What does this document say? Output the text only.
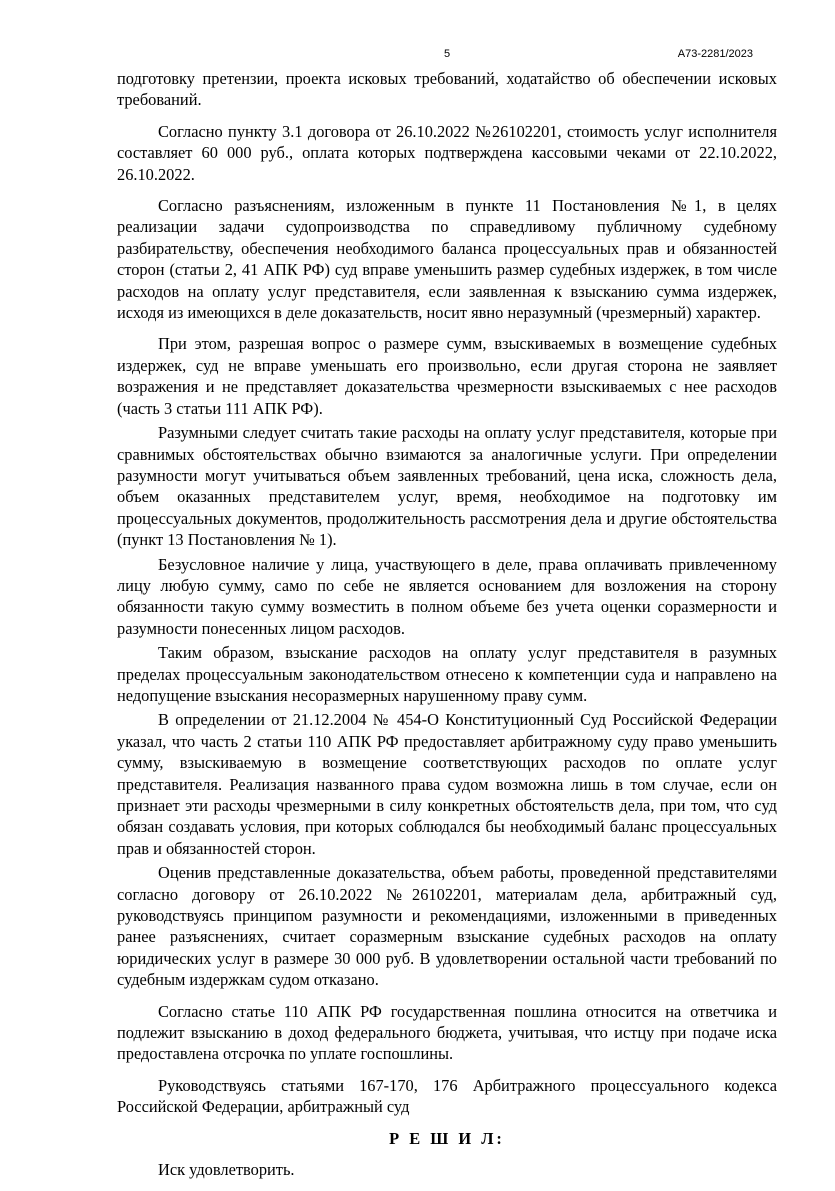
5	А73-2281/2023

подготовку претензии, проекта исковых требований, ходатайство об обеспечении исковых требований.

Согласно пункту 3.1 договора от 26.10.2022 №26102201, стоимость услуг исполнителя составляет 60 000 руб., оплата которых подтверждена кассовыми чеками от 22.10.2022, 26.10.2022.

Согласно разъяснениям, изложенным в пункте 11 Постановления №1, в целях реализации задачи судопроизводства по справедливому публичному судебному разбирательству, обеспечения необходимого баланса процессуальных прав и обязанностей сторон (статьи 2, 41 АПК РФ) суд вправе уменьшить размер судебных издержек, в том числе расходов на оплату услуг представителя, если заявленная к взысканию сумма издержек, исходя из имеющихся в деле доказательств, носит явно неразумный (чрезмерный) характер.

При этом, разрешая вопрос о размере сумм, взыскиваемых в возмещение судебных издержек, суд не вправе уменьшать его произвольно, если другая сторона не заявляет возражения и не представляет доказательства чрезмерности взыскиваемых с нее расходов (часть 3 статьи 111 АПК РФ).

Разумными следует считать такие расходы на оплату услуг представителя, которые при сравнимых обстоятельствах обычно взимаются за аналогичные услуги. При определении разумности могут учитываться объем заявленных требований, цена иска, сложность дела, объем оказанных представителем услуг, время, необходимое на подготовку им процессуальных документов, продолжительность рассмотрения дела и другие обстоятельства (пункт 13 Постановления № 1).

Безусловное наличие у лица, участвующего в деле, права оплачивать привлеченному лицу любую сумму, само по себе не является основанием для возложения на сторону обязанности такую сумму возместить в полном объеме без учета оценки соразмерности и разумности понесенных лицом расходов.

Таким образом, взыскание расходов на оплату услуг представителя в разумных пределах процессуальным законодательством отнесено к компетенции суда и направлено на недопущение взыскания несоразмерных нарушенному праву сумм.

В определении от 21.12.2004 № 454-О Конституционный Суд Российской Федерации указал, что часть 2 статьи 110 АПК РФ предоставляет арбитражному суду право уменьшить сумму, взыскиваемую в возмещение соответствующих расходов по оплате услуг представителя. Реализация названного права судом возможна лишь в том случае, если он признает эти расходы чрезмерными в силу конкретных обстоятельств дела, при том, что суд обязан создавать условия, при которых соблюдался бы необходимый баланс процессуальных прав и обязанностей сторон.

Оценив представленные доказательства, объем работы, проведенной представителями согласно договору от 26.10.2022 №26102201, материалам дела, арбитражный суд, руководствуясь принципом разумности и рекомендациями, изложенными в приведенных ранее разъяснениях, считает соразмерным взыскание судебных расходов на оплату юридических услуг в размере 30 000 руб. В удовлетворении остальной части требований по судебным издержкам судом отказано.

Согласно статье 110 АПК РФ государственная пошлина относится на ответчика и подлежит взысканию в доход федерального бюджета, учитывая, что истцу при подаче иска предоставлена отсрочка по уплате госпошлины.

Руководствуясь статьями 167-170, 176 Арбитражного процессуального кодекса Российской Федерации, арбитражный суд

Р Е Ш И Л:

Иск удовлетворить.
